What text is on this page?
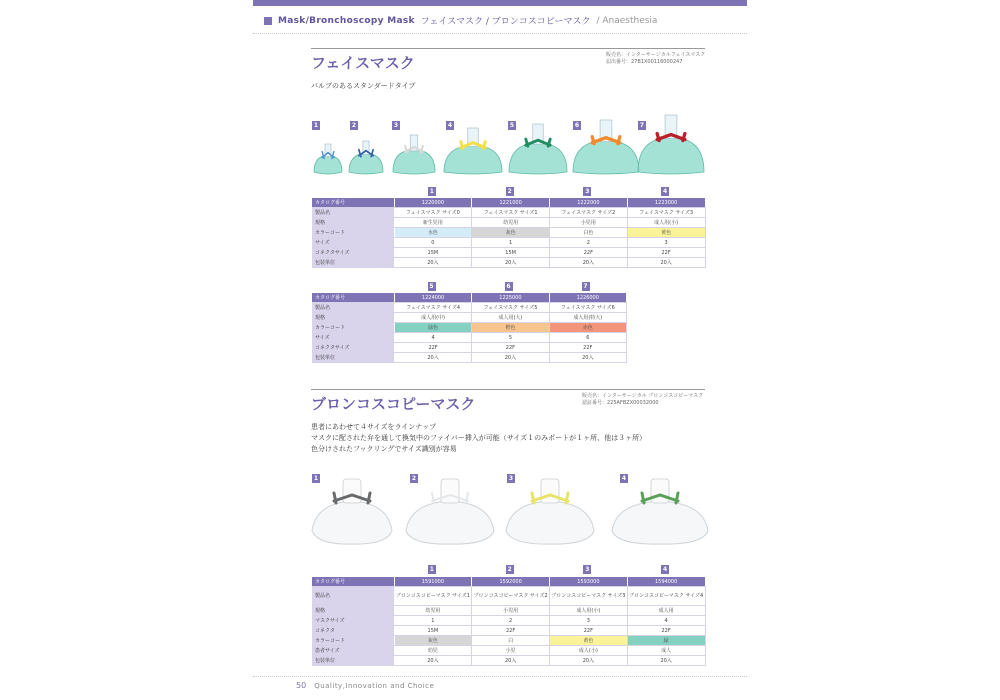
Mask/Bronchoscopy Mask フェイスマスク / ブロンコスコピーマスク / Anaesthesia
フェイスマスク	販売名：インターサージカルフェイスマスク
届出番号：27B1X00116000247
バルブのあるスタンダードタイプ
1	2	3	4	5	6	7
1	2	3	4
カタログ番号	1220000	1221000	1222000	1223000
製品名	フェイスマスク サイズ0	フェイスマスク サイズ1	フェイスマスク サイズ2	フェイスマスク サイズ3
規格	新生児用	幼児用	小児用	成人用(小)
カラーコード	水色	灰色	白色	黄色
サイズ	0	1	2	3
コネクタサイズ	15M	15M	22F	22F
包装単位	20入	20入	20入	20入
5	6	7
カタログ番号	1224000	1225000	1226000
製品名	フェイスマスク サイズ4	フェイスマスク サイズ5	フェイスマスク サイズ6
規格	成人用(中)	成人用(大)	成人用(特大)
カラーコード	緑色	橙色	赤色
サイズ	4	5	6
コネクタサイズ	22F	22F	22F
包装単位	20入	20入	20入
ブロンコスコピーマスク	販売名：インターサージカル ブロンコスコピーマスク
認証番号：225AFBZX00032000
患者にあわせて４サイズをラインナップ
マスクに配された弁を通して換気中のファイバー挿入が可能（サイズ１のみポートが１ヶ所、他は３ヶ所）
色分けされたフックリングでサイズ識別が容易
1	2	3	4
1	2	3	4
カタログ番号	1591000	1592000	1593000	1594000
製品名	ブロンコスコピーマスク サイズ1	ブロンコスコピーマスク サイズ2	ブロンコスコピーマスク サイズ3	ブロンコスコピーマスク サイズ4
規格	幼児用	小児用	成人用(小)	成人用
マスクサイズ	1	2	3	4
コネクタ	15M	22F	22F	22F
カラーコード	灰色	白	黄色	緑
患者サイズ	幼児	小児	成人(小)	成人
包装単位	20入	20入	20入	20入
50 Quality,Innovation and Choice
